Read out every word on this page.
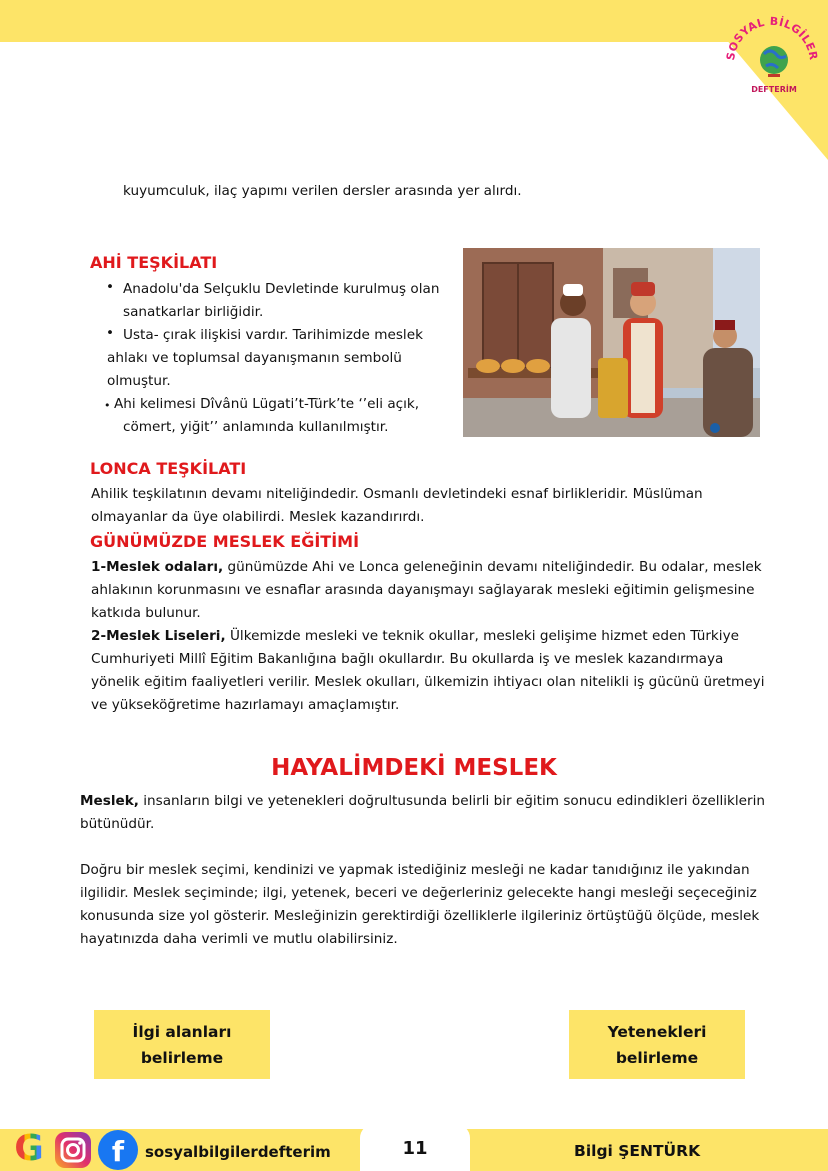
SOSYAL BİLGİLER
DEFTERİM

kuyumculuk, ilaç yapımı verilen dersler arasında yer alırdı.

AHİ TEŞKİLATI
• Anadolu'da Selçuklu Devletinde kurulmuş olan

sanatkarlar birliğidir.

• Usta- çırak ilişkisi vardır. Tarihimizde meslek

ahlakı ve toplumsal dayanışmanın sembolü

olmuştur.

• Ahi kelimesi Dîvânü Lügati’t-Türk’te ‘’eli açık,

cömert, yiğit’’ anlamında kullanılmıştır.

LONCA TEŞKİLATI

Ahilik teşkilatının devamı niteliğindedir. Osmanlı devletindeki esnaf birlikleridir. Müslüman

olmayanlar da üye olabilirdi. Meslek kazandırırdı.

GÜNÜMÜZDE MESLEK EĞİTİMİ

1-Meslek odaları, günümüzde Ahi ve Lonca geleneğinin devamı niteliğindedir. Bu odalar, meslek

ahlakının korunmasını ve esnaflar arasında dayanışmayı sağlayarak mesleki eğitimin gelişmesine

katkıda bulunur.

2-Meslek Liseleri, Ülkemizde mesleki ve teknik okullar, mesleki gelişime hizmet eden Türkiye

Cumhuriyeti Millî Eğitim Bakanlığına bağlı okullardır. Bu okullarda iş ve meslek kazandırmaya

yönelik eğitim faaliyetleri verilir. Meslek okulları, ülkemizin ihtiyacı olan nitelikli iş gücünü üretmeyi

ve yükseköğretime hazırlamayı amaçlamıştır.

HAYALİMDEKİ MESLEK

Meslek, insanların bilgi ve yetenekleri doğrultusunda belirli bir eğitim sonucu edindikleri özelliklerin

bütünüdür.

Doğru bir meslek seçimi, kendinizi ve yapmak istediğiniz mesleği ne kadar tanıdığınız ile yakından

ilgilidir. Meslek seçiminde; ilgi, yetenek, beceri ve değerleriniz gelecekte hangi mesleği seçeceğiniz

konusunda size yol gösterir. Mesleğinizin gerektirdiği özelliklerle ilgileriniz örtüştüğü ölçüde, meslek

hayatınızda daha verimli ve mutlu olabilirsiniz.

İlgi alanları
belirleme
Yetenekleri
belirleme
G f sosyalbilgilerdefterim	11	Bilgi ŞENTÜRK
